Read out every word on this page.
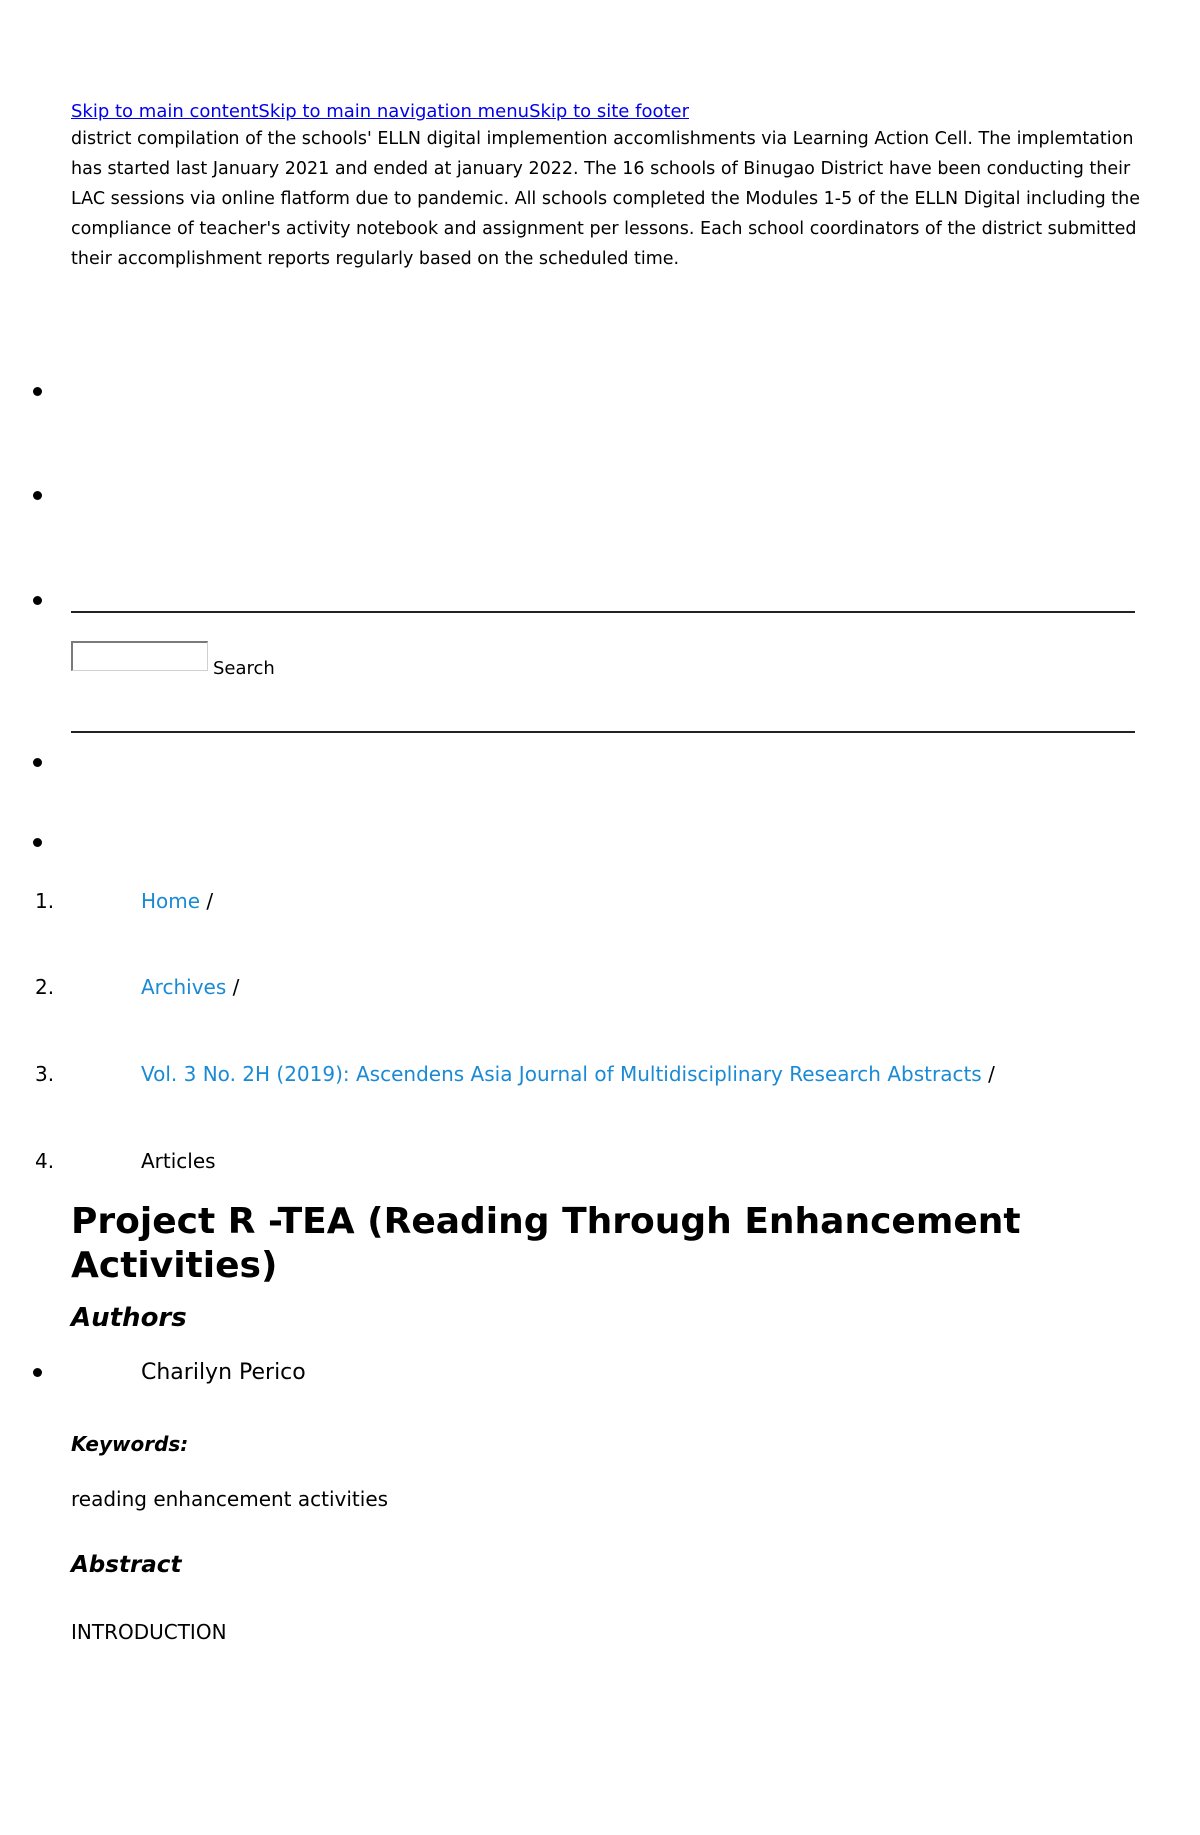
Skip to main contentSkip to main navigation menuSkip to site footer

district compilation of the schools' ELLN digital implemention accomlishments via Learning Action Cell. The implemtation has started last January 2021 and ended at january 2022. The 16 schools of Binugao District have been conducting their LAC sessions via online flatform due to pandemic. All schools completed the Modules 1-5 of the ELLN Digital including the compliance of teacher's activity notebook and assignment per lessons. Each school coordinators of the district submitted their accomplishment reports regularly based on the scheduled time.

Search
1.	Home /
2.	Archives /
3.	Vol. 3 No. 2H (2019): Ascendens Asia Journal of Multidisciplinary Research Abstracts /
4.	Articles
Project R -TEA (Reading Through Enhancement Activities)
Authors
Charilyn Perico
Keywords:
reading enhancement activities
Abstract
INTRODUCTION
